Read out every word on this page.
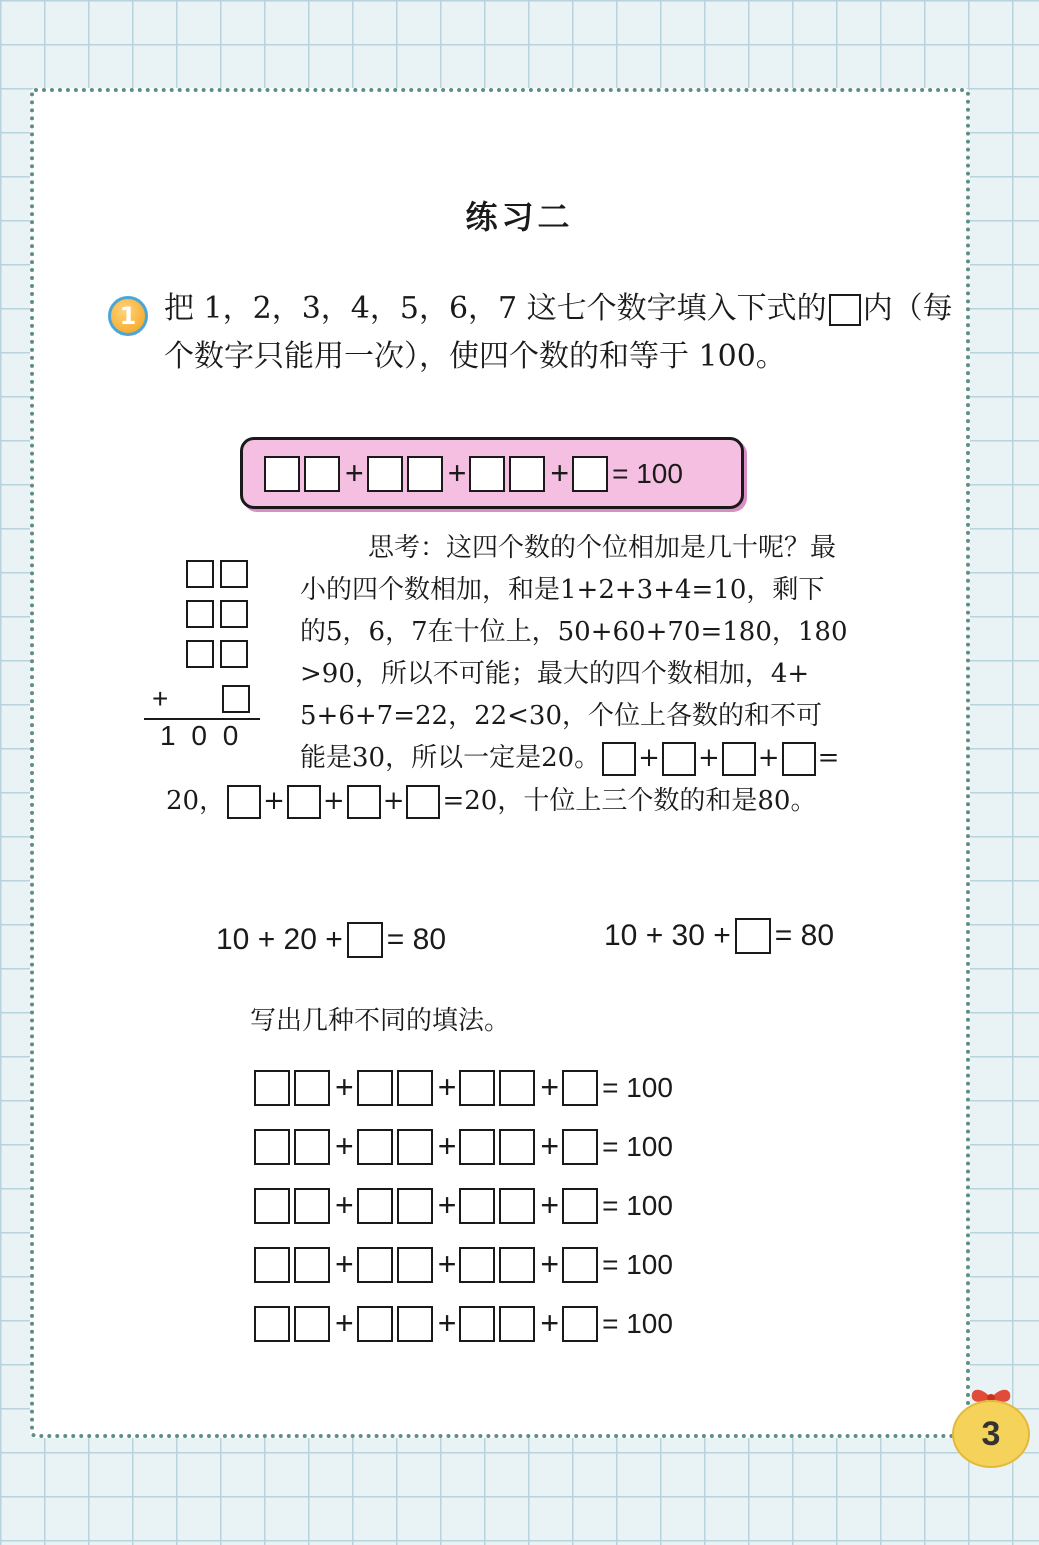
练习二
1 把 1，2，3，4，5，6，7 这七个数字填入下式的 内（每
个数字只能用一次），使四个数的和等于 100。
+	+	+ = 100
+
1 0 0
思考：这四个数的个位相加是几十呢？最
小的四个数相加，和是1+2+3+4=10，剩下
的5，6，7在十位上，50+60+70=180，180
>90，所以不可能；最大的四个数相加，4+
5+6+7=22，22<30，个位上各数的和不可
能是30，所以一定是20。 + + + =
20， + + + =20，十位上三个数的和是80。
10 + 20 + = 80	10 + 30 + = 80
写出几种不同的填法。
+	+	+ = 100
+	+	+ = 100
+	+	+ = 100
+	+	+ = 100
+	+	+ = 100
3
